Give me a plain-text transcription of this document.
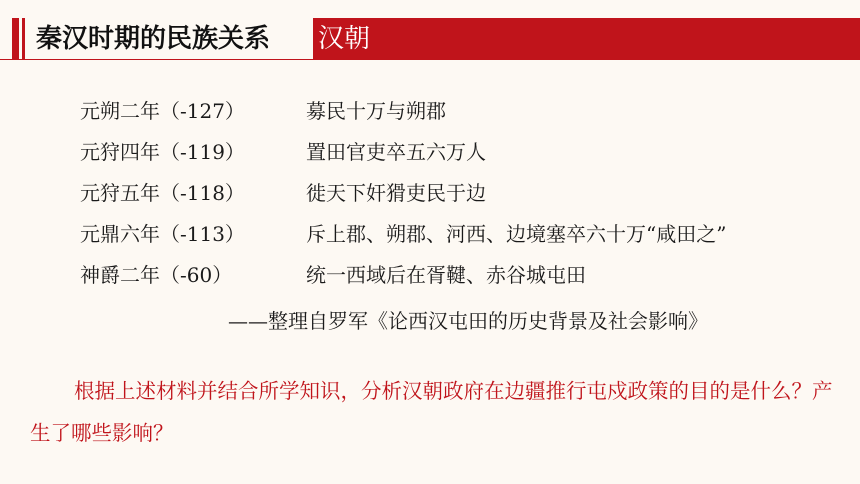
秦汉时期的民族关系 汉朝
元朔二年（-127）	募民十万与朔郡
元狩四年（-119）	置田官吏卒五六万人
元狩五年（-118）	徙天下奸猾吏民于边
元鼎六年（-113）	斥上郡、朔郡、河西、边境塞卒六十万“咸田之”
神爵二年（-60）	统一西域后在胥鞬、赤谷城屯田
——整理自罗军《论西汉屯田的历史背景及社会影响》
根据上述材料并结合所学知识，分析汉朝政府在边疆推行屯戍政策的目的是什么？产生了哪些影响？
